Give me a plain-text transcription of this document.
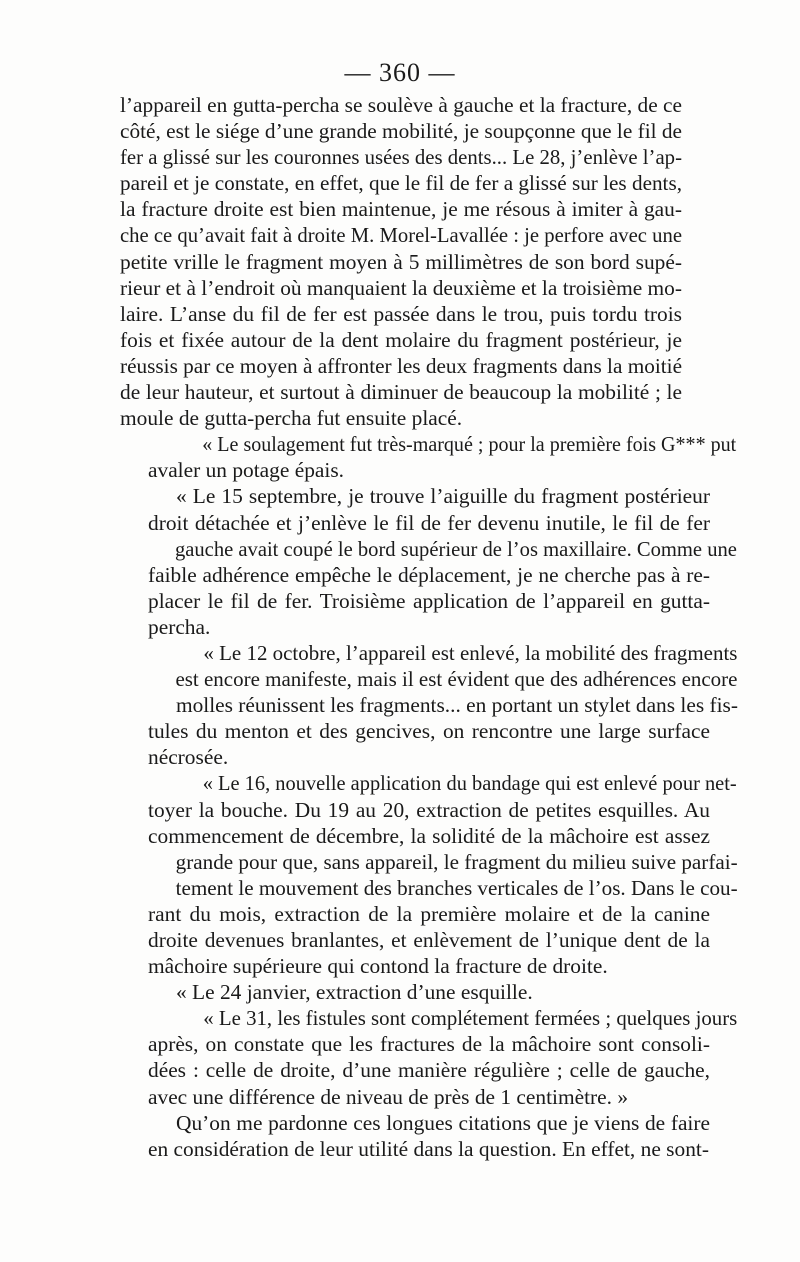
— 360 —
l’appareil en gutta-percha se soulève à gauche et la fracture, de ce
côté, est le siége d’une grande mobilité, je soupçonne que le fil de
fer a glissé sur les couronnes usées des dents... Le 28, j’enlève l’ap-
pareil et je constate, en effet, que le fil de fer a glissé sur les dents,
la fracture droite est bien maintenue, je me résous à imiter à gau-
che ce qu’avait fait à droite M. Morel-Lavallée : je perfore avec une
petite vrille le fragment moyen à 5 millimètres de son bord supé-
rieur et à l’endroit où manquaient la deuxième et la troisième mo-
laire. L’anse du fil de fer est passée dans le trou, puis tordu trois
fois et fixée autour de la dent molaire du fragment postérieur, je
réussis par ce moyen à affronter les deux fragments dans la moitié
de leur hauteur, et surtout à diminuer de beaucoup la mobilité ; le
moule de gutta-percha fut ensuite placé.
« Le soulagement fut très-marqué ; pour la première fois G*** put
avaler un potage épais.
« Le 15 septembre, je trouve l’aiguille du fragment postérieur
droit détachée et j’enlève le fil de fer devenu inutile, le fil de fer
gauche avait coupé le bord supérieur de l’os maxillaire. Comme une
faible adhérence empêche le déplacement, je ne cherche pas à re-
placer le fil de fer. Troisième application de l’appareil en gutta-
percha.
« Le 12 octobre, l’appareil est enlevé, la mobilité des fragments
est encore manifeste, mais il est évident que des adhérences encore
molles réunissent les fragments... en portant un stylet dans les fis-
tules du menton et des gencives, on rencontre une large surface
nécrosée.
« Le 16, nouvelle application du bandage qui est enlevé pour net-
toyer la bouche. Du 19 au 20, extraction de petites esquilles. Au
commencement de décembre, la solidité de la mâchoire est assez
grande pour que, sans appareil, le fragment du milieu suive parfai-
tement le mouvement des branches verticales de l’os. Dans le cou-
rant du mois, extraction de la première molaire et de la canine
droite devenues branlantes, et enlèvement de l’unique dent de la
mâchoire supérieure qui contond la fracture de droite.
« Le 24 janvier, extraction d’une esquille.
« Le 31, les fistules sont complétement fermées ; quelques jours
après, on constate que les fractures de la mâchoire sont consoli-
dées : celle de droite, d’une manière régulière ; celle de gauche,
avec une différence de niveau de près de 1 centimètre. »
Qu’on me pardonne ces longues citations que je viens de faire
en considération de leur utilité dans la question. En effet, ne sont-
